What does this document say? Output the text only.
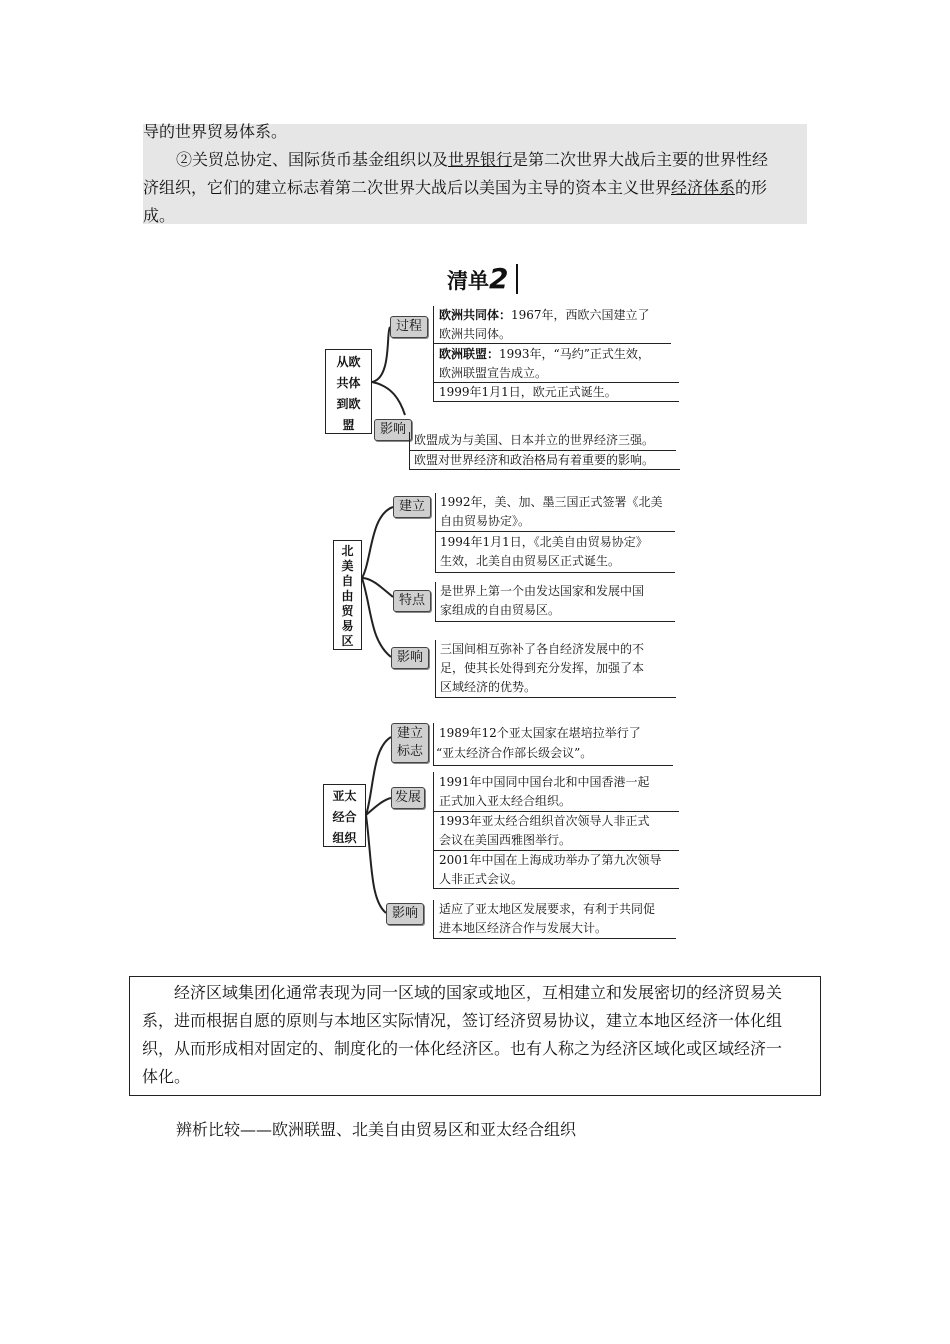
导的世界贸易体系。

②关贸总协定、国际货币基金组织以及世界银行是第二次世界大战后主要的世界性经

济组织，它们的建立标志着第二次世界大战后以美国为主导的资本主义世界经济体系的形

成。

清单2
从欧
共体
到欧
盟
过程
欧洲共同体：1967年，西欧六国建立了
欧洲共同体。
欧洲联盟：1993年，“马约”正式生效，
欧洲联盟宣告成立。
1999年1月1日，欧元正式诞生。
影响
欧盟成为与美国、日本并立的世界经济三强。
欧盟对世界经济和政治格局有着重要的影响。
北
美
自
由
贸
易
区
建立	1992年，美、加、墨三国正式签署《北美
自由贸易协定》。
1994年1月1日，《北美自由贸易协定》
生效，北美自由贸易区正式诞生。
特点
是世界上第一个由发达国家和发展中国
家组成的自由贸易区。
影响
三国间相互弥补了各自经济发展中的不
足，使其长处得到充分发挥，加强了本
区域经济的优势。
亚太
经合
组织
建立
标志
1989年12个亚太国家在堪培拉举行了
“亚太经济合作部长级会议”。
发展
1991年中国同中国台北和中国香港一起
正式加入亚太经合组织。
1993年亚太经合组织首次领导人非正式
会议在美国西雅图举行。
2001年中国在上海成功举办了第九次领导
人非正式会议。
影响	适应了亚太地区发展要求，有利于共同促
进本地区经济合作与发展大计。
经济区域集团化通常表现为同一区域的国家或地区，互相建立和发展密切的经济贸易关
系，进而根据自愿的原则与本地区实际情况，签订经济贸易协议，建立本地区经济一体化组
织，从而形成相对固定的、制度化的一体化经济区。也有人称之为经济区域化或区域经济一
体化。

辨析比较——欧洲联盟、北美自由贸易区和亚太经合组织
